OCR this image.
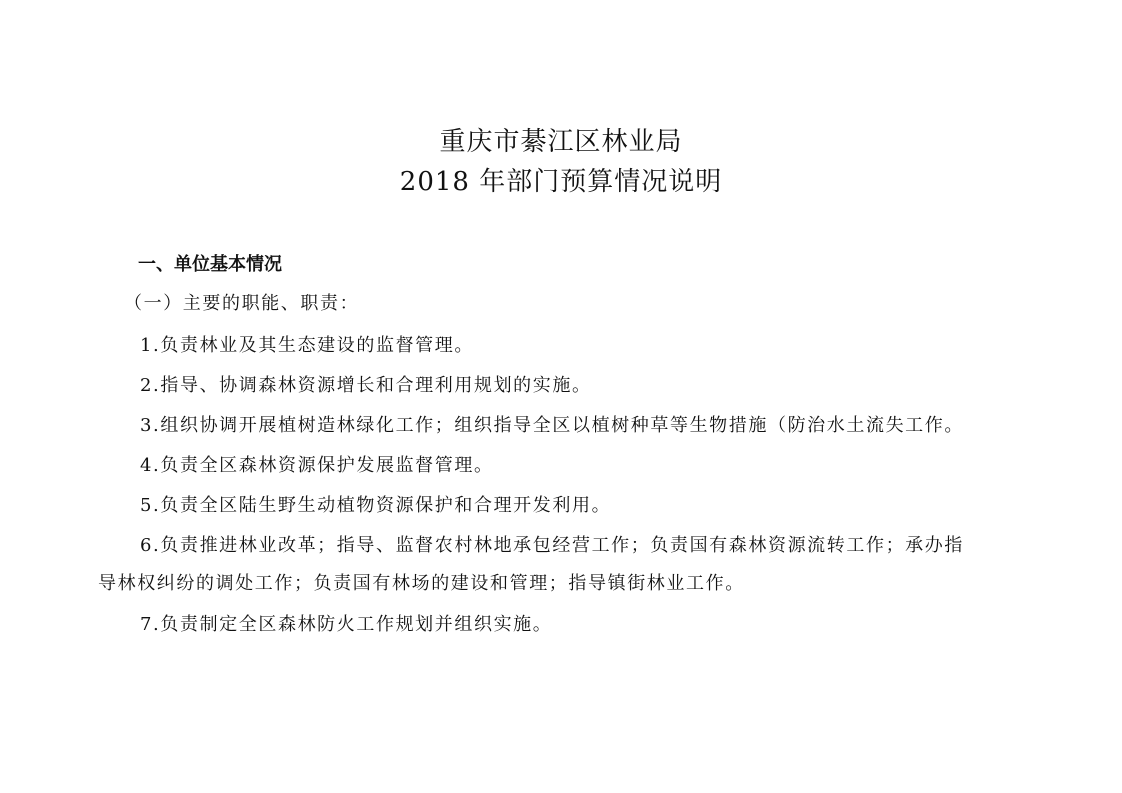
重庆市綦江区林业局
2018 年部门预算情况说明
一、单位基本情况
（一）主要的职能、职责：
1.负责林业及其生态建设的监督管理。
2.指导、协调森林资源增长和合理利用规划的实施。
3.组织协调开展植树造林绿化工作；组织指导全区以植树种草等生物措施（防治水土流失工作。
4.负责全区森林资源保护发展监督管理。
5.负责全区陆生野生动植物资源保护和合理开发利用。
6.负责推进林业改革；指导、监督农村林地承包经营工作；负责国有森林资源流转工作；承办指
导林权纠纷的调处工作；负责国有林场的建设和管理；指导镇街林业工作。
7.负责制定全区森林防火工作规划并组织实施。
